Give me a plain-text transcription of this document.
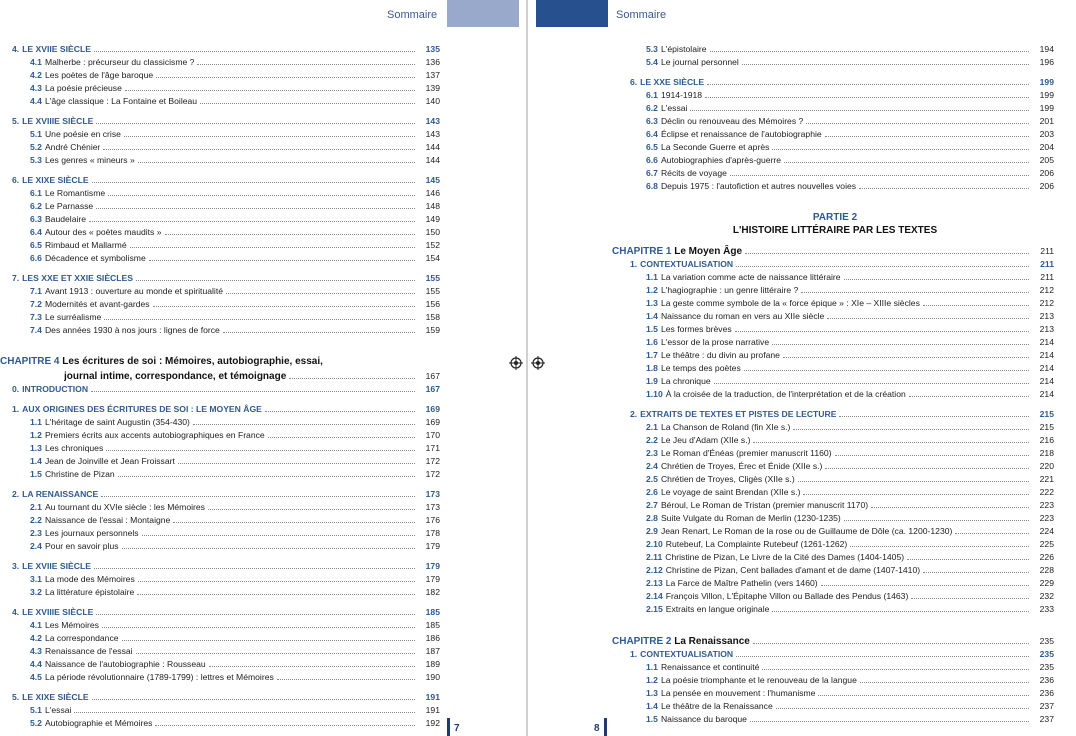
Sommaire
4. LE XVIIE SIÈCLE	135
4.1 Malherbe : précurseur du classicisme ?	136
4.2 Les poètes de l'âge baroque	137
4.3 La poésie précieuse	139
4.4 L'âge classique : La Fontaine et Boileau	140
5. LE XVIIIE SIÈCLE	143
5.1 Une poésie en crise	143
5.2 André Chénier	144
5.3 Les genres « mineurs »	144
6. LE XIXE SIÈCLE	145
6.1 Le Romantisme	146
6.2 Le Parnasse	148
6.3 Baudelaire	149
6.4 Autour des « poètes maudits »	150
6.5 Rimbaud et Mallarmé	152
6.6 Décadence et symbolisme	154
7. LES XXE ET XXIE SIÈCLES	155
7.1 Avant 1913 : ouverture au monde et spiritualité	155
7.2 Modernités et avant-gardes	156
7.3 Le surréalisme	158
7.4 Des années 1930 à nos jours : lignes de force	159
CHAPITRE 4 Les écritures de soi : Mémoires, autobiographie, essai,
journal intime, correspondance, et témoignage	167
0. INTRODUCTION	167
1. AUX ORIGINES DES ÉCRITURES DE SOI : LE MOYEN ÂGE	169
1.1 L'héritage de saint Augustin (354-430)	169
1.2 Premiers écrits aux accents autobiographiques en France	170
1.3 Les chroniques	171
1.4 Jean de Joinville et Jean Froissart	172
1.5 Christine de Pizan	172
2. LA RENAISSANCE	173
2.1 Au tournant du XVIe siècle : les Mémoires	173
2.2 Naissance de l'essai : Montaigne	176
2.3 Les journaux personnels	178
2.4 Pour en savoir plus	179
3. LE XVIIE SIÈCLE	179
3.1 La mode des Mémoires	179
3.2 La littérature épistolaire	182
4. LE XVIIIE SIÈCLE	185
4.1 Les Mémoires	185
4.2 La correspondance	186
4.3 Renaissance de l'essai	187
4.4 Naissance de l'autobiographie : Rousseau	189
4.5 La période révolutionnaire (1789-1799) : lettres et Mémoires	190
5. LE XIXE SIÈCLE	191
5.1 L'essai	191
5.2 Autobiographie et Mémoires	192 7
Sommaire
5.3 L'épistolaire	194
5.4 Le journal personnel	196
6. LE XXE SIÈCLE	199
6.1 1914-1918	199
6.2 L'essai	199
6.3 Déclin ou renouveau des Mémoires ?	201
6.4 Éclipse et renaissance de l'autobiographie	203
6.5 La Seconde Guerre et après	204
6.6 Autobiographies d'après-guerre	205
6.7 Récits de voyage	206
6.8 Depuis 1975 : l'autofiction et autres nouvelles voies	206
PARTIE 2
L'HISTOIRE LITTÉRAIRE PAR LES TEXTES
CHAPITRE 1 Le Moyen Âge	211
1. CONTEXTUALISATION	211
1.1 La variation comme acte de naissance littéraire	211
1.2 L'hagiographie : un genre littéraire ?	212
1.3 La geste comme symbole de la « force épique » : XIe – XIIIe siècles	212
1.4 Naissance du roman en vers au XIIe siècle	213
1.5 Les formes brèves	213
1.6 L'essor de la prose narrative	214
1.7 Le théâtre : du divin au profane	214
1.8 Le temps des poètes	214
1.9 La chronique	214
1.10 À la croisée de la traduction, de l'interprétation et de la création	214
2. EXTRAITS DE TEXTES ET PISTES DE LECTURE	215
2.1 La Chanson de Roland (fin XIe s.)	215
2.2 Le Jeu d'Adam (XIIe s.)	216
2.3 Le Roman d'Énéas (premier manuscrit 1160)	218
2.4 Chrétien de Troyes, Érec et Énide (XIIe s.)	220
2.5 Chrétien de Troyes, Cligès (XIIe s.)	221
2.6 Le voyage de saint Brendan (XIIe s.)	222
2.7 Béroul, Le Roman de Tristan (premier manuscrit 1170)	223
2.8 Suite Vulgate du Roman de Merlin (1230-1235)	223
2.9 Jean Renart, Le Roman de la rose ou de Guillaume de Dôle (ca. 1200-1230)	224
2.10 Rutebeuf, La Complainte Rutebeuf (1261-1262)	225
2.11 Christine de Pizan, Le Livre de la Cité des Dames (1404-1405)	226
2.12 Christine de Pizan, Cent ballades d'amant et de dame (1407-1410)	228
2.13 La Farce de Maître Pathelin (vers 1460)	229
2.14 François Villon, L'Épitaphe Villon ou Ballade des Pendus (1463)	232
2.15 Extraits en langue originale	233
CHAPITRE 2 La Renaissance	235
1. CONTEXTUALISATION	235
1.1 Renaissance et continuité	235
1.2 La poésie triomphante et le renouveau de la langue	236
1.3 La pensée en mouvement : l'humanisme	236
1.4 Le théâtre de la Renaissance	237
1.5 Naissance du baroque	237
8
